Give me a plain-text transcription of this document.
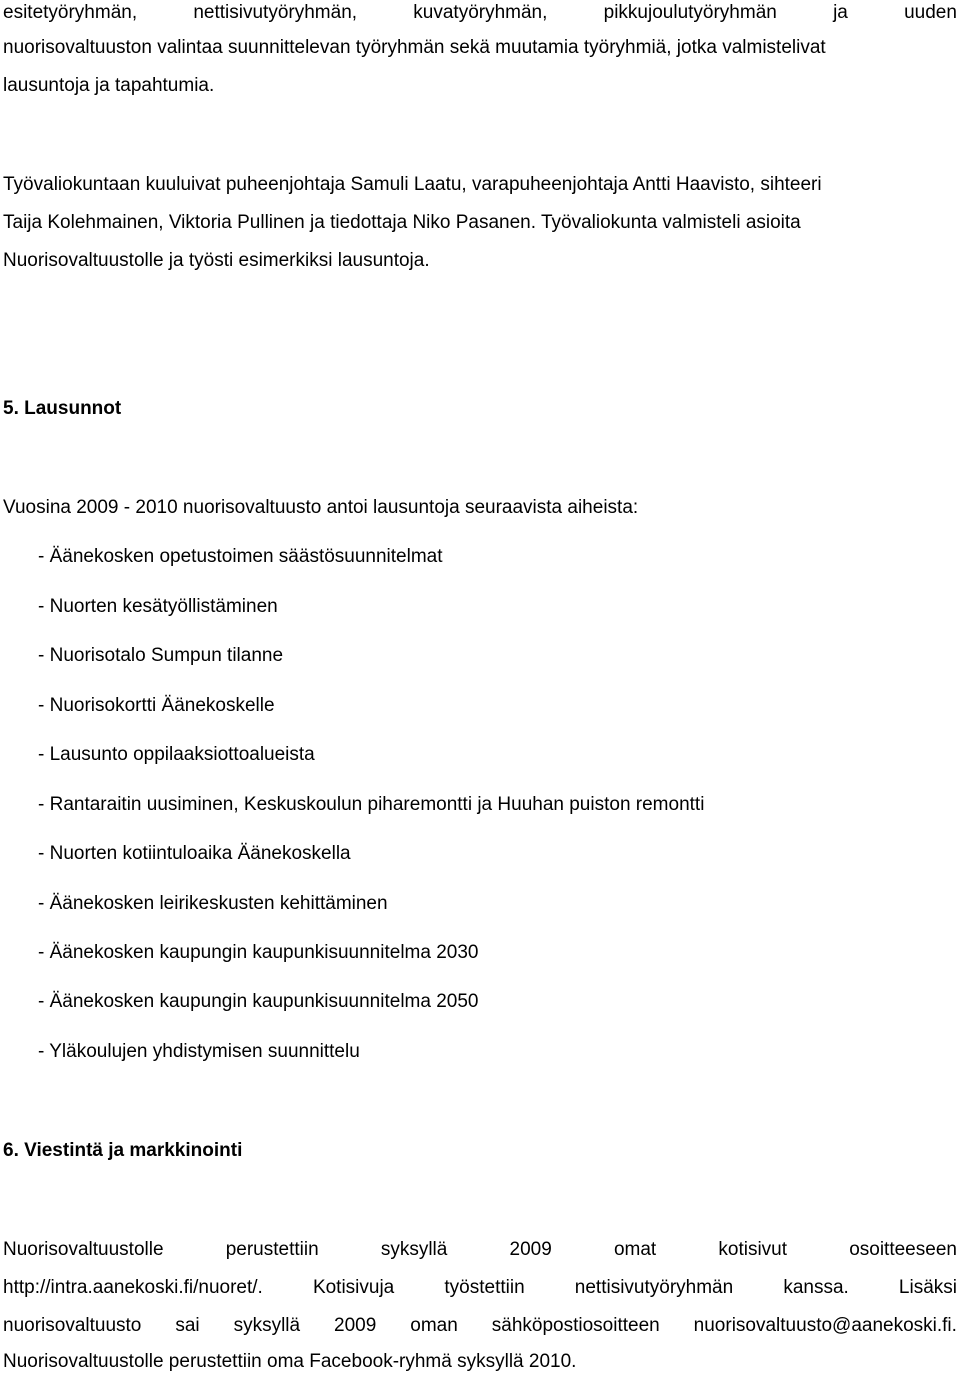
esitetyöryhmän,	nettisivutyöryhmän,	kuvatyöryhmän,	pikkujoulutyöryhmän	ja	uuden
nuorisovaltuuston valintaa suunnittelevan työryhmän sekä muutamia työryhmiä, jotka valmistelivat
lausuntoja ja tapahtumia.
Työvaliokuntaan kuuluivat puheenjohtaja Samuli Laatu, varapuheenjohtaja Antti Haavisto, sihteeri
Taija Kolehmainen, Viktoria Pullinen ja tiedottaja Niko Pasanen. Työvaliokunta valmisteli asioita
Nuorisovaltuustolle ja työsti esimerkiksi lausuntoja.
5. Lausunnot
Vuosina 2009 - 2010 nuorisovaltuusto antoi lausuntoja seuraavista aiheista:
- Äänekosken opetustoimen säästösuunnitelmat
- Nuorten kesätyöllistäminen
- Nuorisotalo Sumpun tilanne
- Nuorisokortti Äänekoskelle
- Lausunto oppilaaksiottoalueista
- Rantaraitin uusiminen, Keskuskoulun piharemontti ja Huuhan puiston remontti
- Nuorten kotiintuloaika Äänekoskella
- Äänekosken leirikeskusten kehittäminen
- Äänekosken kaupungin kaupunkisuunnitelma 2030
- Äänekosken kaupungin kaupunkisuunnitelma 2050
- Yläkoulujen yhdistymisen suunnittelu
6. Viestintä ja markkinointi
Nuorisovaltuustolle	perustettiin	syksyllä	2009	omat	kotisivut	osoitteeseen
http://intra.aanekoski.fi/nuoret/.	Kotisivuja	työstettiin	nettisivutyöryhmän	kanssa.	Lisäksi
nuorisovaltuusto sai syksyllä 2009 oman sähköpostiosoitteen nuorisovaltuusto@aanekoski.fi.
Nuorisovaltuustolle perustettiin oma Facebook-ryhmä syksyllä 2010.
